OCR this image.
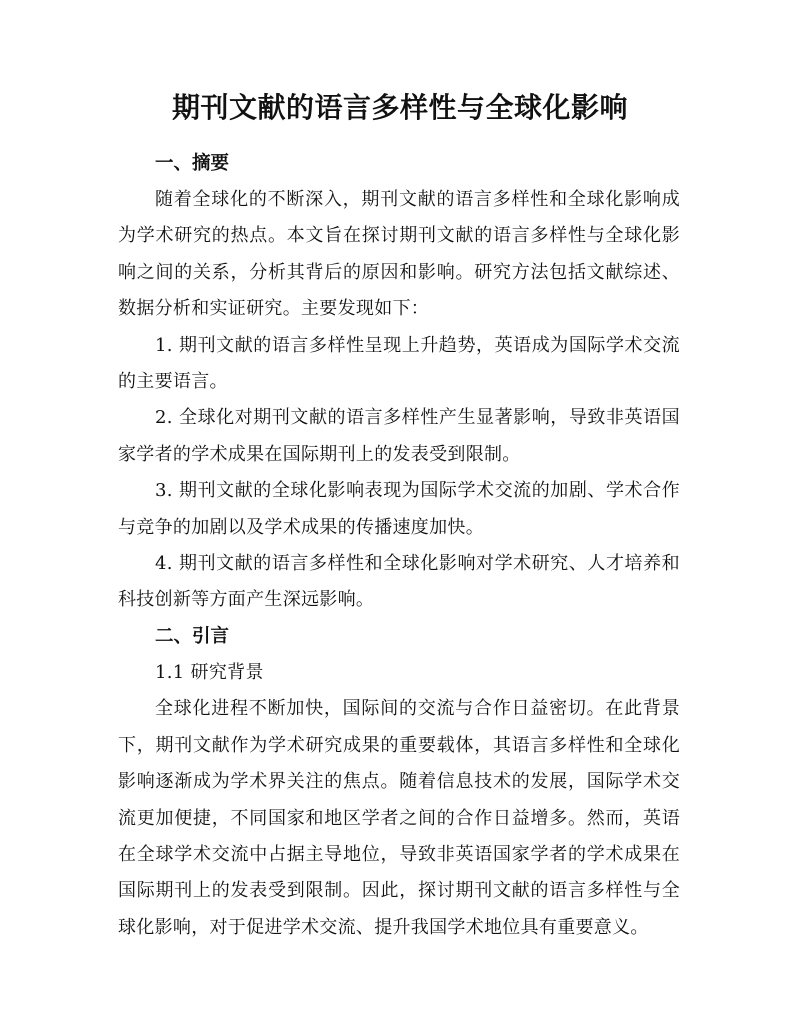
期刊文献的语言多样性与全球化影响
一、摘要

随着全球化的不断深入，期刊文献的语言多样性和全球化影响成为学术研究的热点。本文旨在探讨期刊文献的语言多样性与全球化影响之间的关系，分析其背后的原因和影响。研究方法包括文献综述、数据分析和实证研究。主要发现如下：

1. 期刊文献的语言多样性呈现上升趋势，英语成为国际学术交流的主要语言。

2. 全球化对期刊文献的语言多样性产生显著影响，导致非英语国家学者的学术成果在国际期刊上的发表受到限制。

3. 期刊文献的全球化影响表现为国际学术交流的加剧、学术合作与竞争的加剧以及学术成果的传播速度加快。

4. 期刊文献的语言多样性和全球化影响对学术研究、人才培养和科技创新等方面产生深远影响。

二、引言

1.1 研究背景

全球化进程不断加快，国际间的交流与合作日益密切。在此背景下，期刊文献作为学术研究成果的重要载体，其语言多样性和全球化影响逐渐成为学术界关注的焦点。随着信息技术的发展，国际学术交流更加便捷，不同国家和地区学者之间的合作日益增多。然而，英语在全球学术交流中占据主导地位，导致非英语国家学者的学术成果在国际期刊上的发表受到限制。因此，探讨期刊文献的语言多样性与全球化影响，对于促进学术交流、提升我国学术地位具有重要意义。
